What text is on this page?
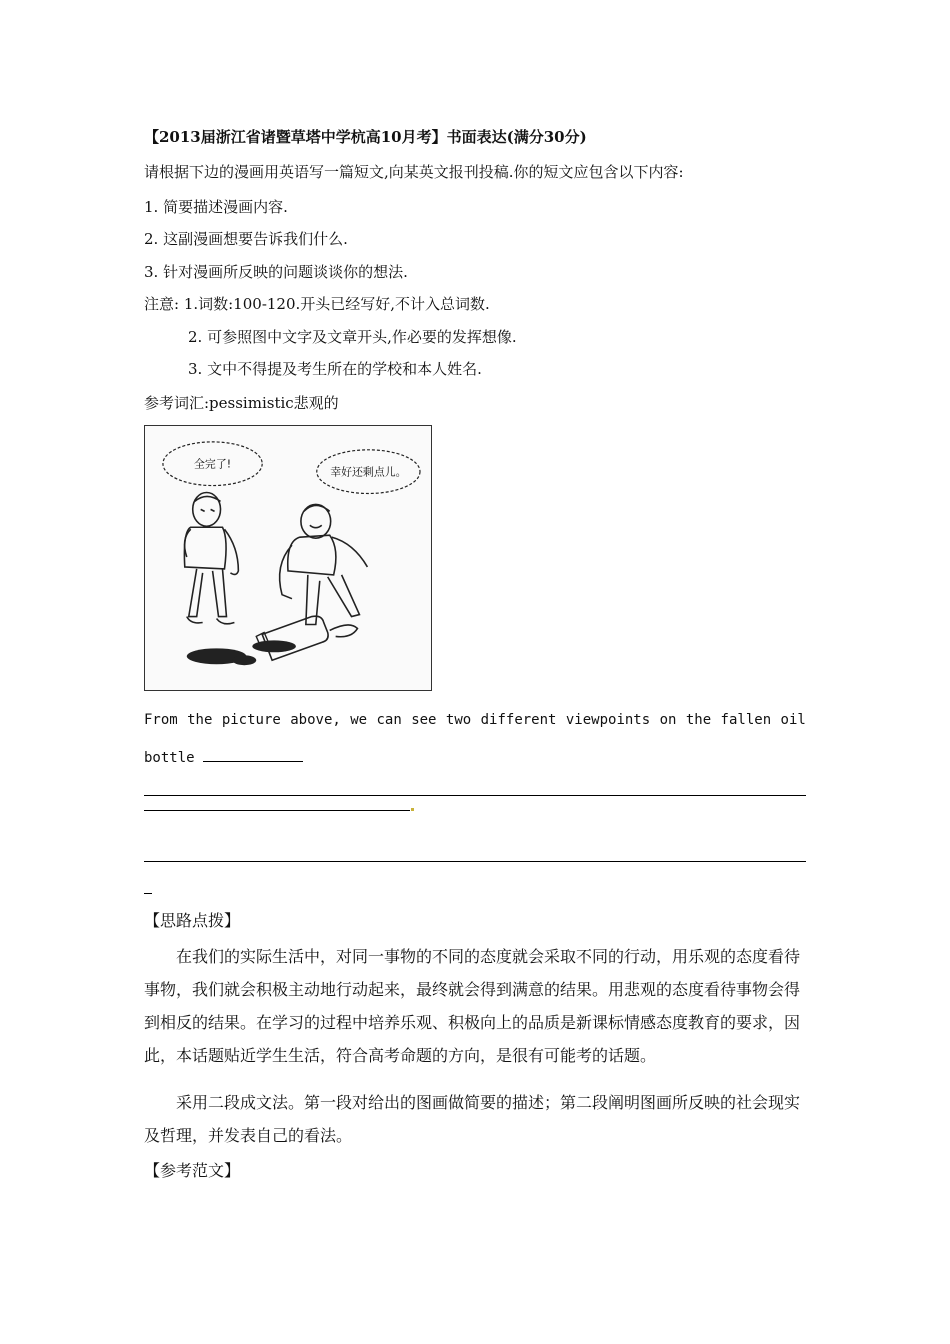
【2013届浙江省诸暨草塔中学杭高10月考】书面表达(满分30分)
请根据下边的漫画用英语写一篇短文,向某英文报刊投稿.你的短文应包含以下内容:
1. 简要描述漫画内容.
2. 这副漫画想要告诉我们什么.
3. 针对漫画所反映的问题谈谈你的想法.
注意: 1.词数:100-120.开头已经写好,不计入总词数.
2. 可参照图中文字及文章开头,作必要的发挥想像.
3. 文中不得提及考生所在的学校和本人姓名.
参考词汇:pessimistic悲观的
全完了!
幸好还剩点儿。
From the picture above, we can see two different viewpoints on the fallen oil
bottle
【思路点拨】
在我们的实际生活中，对同一事物的不同的态度就会采取不同的行动，用乐观的态度看待事物，我们就会积极主动地行动起来，最终就会得到满意的结果。用悲观的态度看待事物会得到相反的结果。在学习的过程中培养乐观、积极向上的品质是新课标情感态度教育的要求，因此，本话题贴近学生生活，符合高考命题的方向，是很有可能考的话题。
采用二段成文法。第一段对给出的图画做简要的描述；第二段阐明图画所反映的社会现实及哲理，并发表自己的看法。
【参考范文】
